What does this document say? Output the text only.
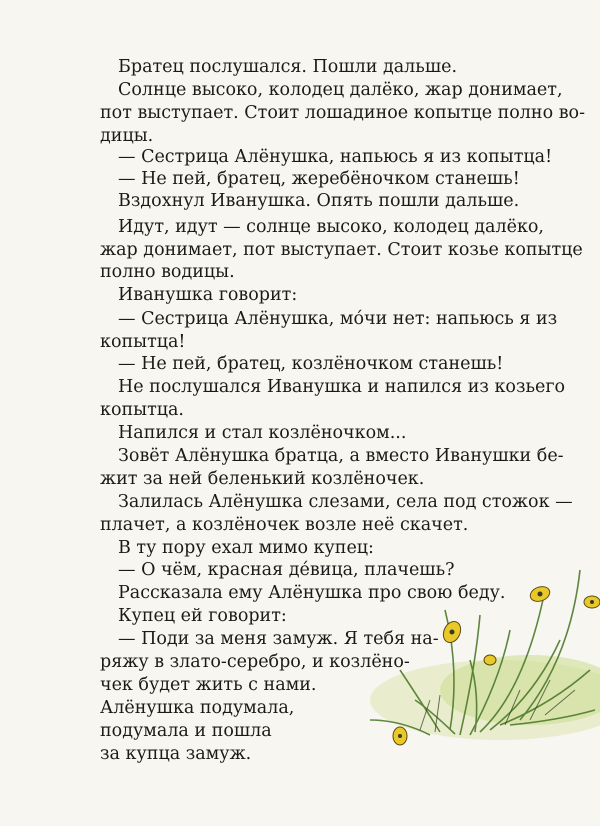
Братец послушался. Пошли дальше.
Солнце высоко, колодец далёко, жар донимает,
пот выступает. Стоит лошадиное копытце полно во-
дицы.
— Сестрица Алёнушка, напьюсь я из копытца!
— Не пей, братец, жеребёночком станешь!
Вздохнул Иванушка. Опять пошли дальше.
Идут, идут — солнце высоко, колодец далёко,
жар донимает, пот выступает. Стоит козье копытце
полно водицы.
Иванушка говорит:
— Сестрица Алёнушка, мо́чи нет: напьюсь я из
копытца!
— Не пей, братец, козлёночком станешь!
Не послушался Иванушка и напился из козьего
копытца.
Напился и стал козлёночком...
Зовёт Алёнушка братца, а вместо Иванушки бе-
жит за ней беленький козлёночек.
Залилась Алёнушка слезами, села под стожок —
плачет, а козлёночек возле неё скачет.
В ту пору ехал мимо купец:
— О чём, красная де́вица, плачешь?
Рассказала ему Алёнушка про свою беду.
Купец ей говорит:
— Поди за меня замуж. Я тебя на-
ряжу в злато-серебро, и козлёно-
чек будет жить с нами.
Алёнушка подумала,
подумала и пошла
за купца замуж.
